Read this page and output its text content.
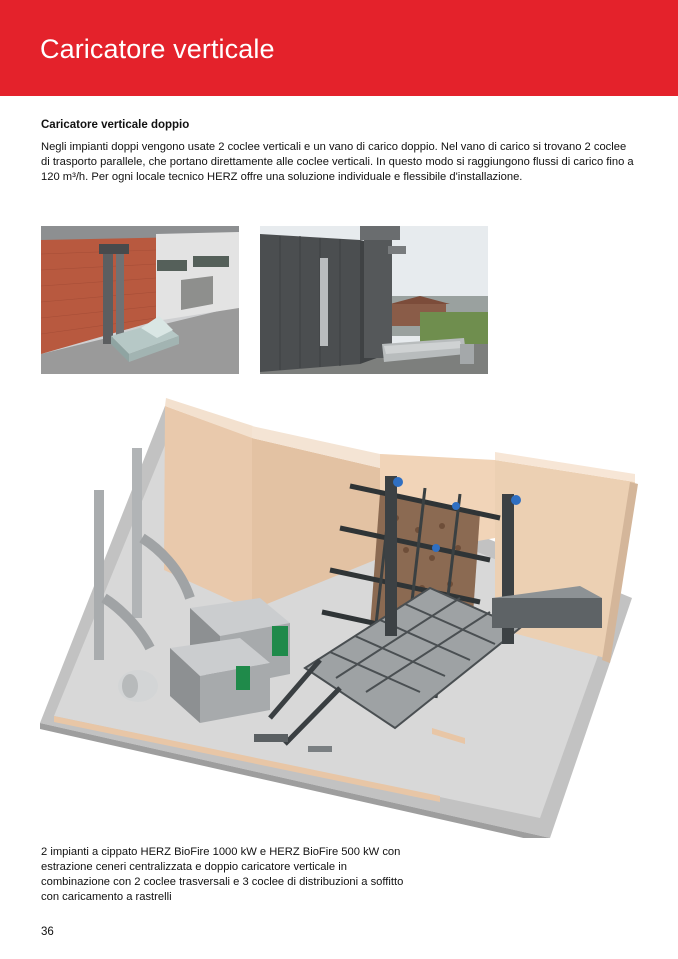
Caricatore verticale
Caricatore verticale doppio

Negli impianti doppi vengono usate 2 coclee verticali e un vano di carico doppio. Nel vano di carico si trovano 2 coclee di trasporto parallele, che portano direttamente alle coclee verticali. In questo modo si raggiungono flussi di carico fino a 120 m³/h. Per ogni locale tecnico HERZ offre una soluzione individuale e flessibile d'installazione.

2 impianti a cippato HERZ BioFire 1000 kW e HERZ BioFire 500 kW con estrazione ceneri centralizzata e doppio caricatore verticale in combinazione con 2 coclee trasversali e 3 coclee di distribuzioni a soffitto con caricamento a rastrelli

36
